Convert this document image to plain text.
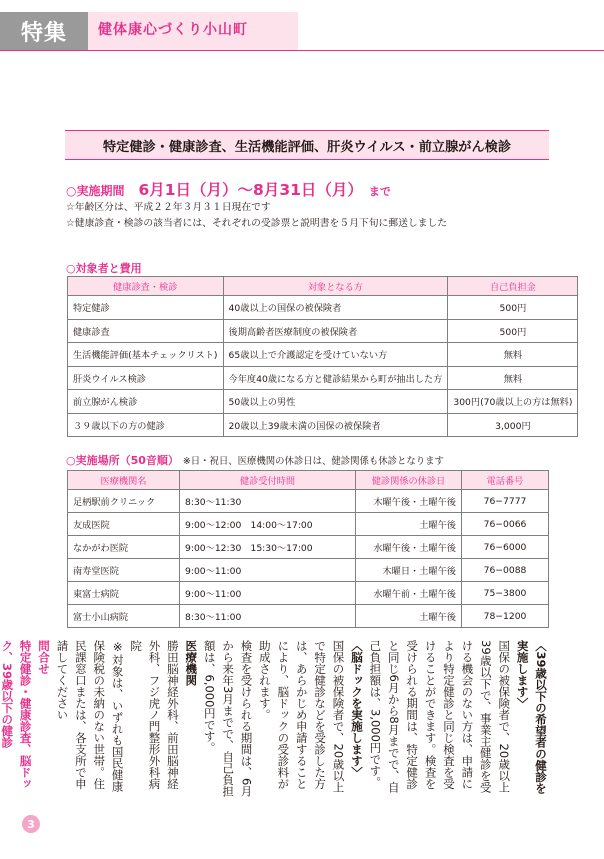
特集	健体康心づくり小山町
特定健診・健康診査、生活機能評価、肝炎ウイルス・前立腺がん検診
○実施期間 6月1日（月）〜8月31日（月） まで
☆年齢区分は、平成２２年３月３１日現在です
☆健康診査・検診の該当者には、それぞれの受診票と説明書を５月下旬に郵送しました
○対象者と費用
健康診査・検診	対象となる方	自己負担金
特定健診	40歳以上の国保の被保険者	500円
健康診査	後期高齢者医療制度の被保険者	500円
生活機能評価(基本チェックリスト)	65歳以上で介護認定を受けていない方	無料
肝炎ウイルス検診	今年度40歳になる方と健診結果から町が抽出した方	無料
前立腺がん検診	50歳以上の男性	300円(70歳以上の方は無料)
３９歳以下の方の健診	20歳以上39歳未満の国保の被保険者	3,000円
○実施場所（50音順） ※日・祝日、医療機関の休診日は、健診関係も休診となります
医療機関名	健診受付時間	健診関係の休診日	電話番号
足柄駅前クリニック	8:30〜11:30	木曜午後・土曜午後	76−7777
友成医院	9:00〜12:00　14:00〜17:00	土曜午後	76−0066
なかがわ医院	9:00〜12:30　15:30〜17:00	水曜午後・土曜午後	76−6000
南寿堂医院	9:00〜11:00	木曜日・土曜午後	76−0088
東富士病院	9:00〜11:00	水曜午前・土曜午後	75−3800
富士小山病院	8:30〜11:00	土曜午後	78−1200
〈39歳以下の希望者の健診を実施します〉
国保の被保険者で、20歳以上39歳以下で、事業主健診を受ける機会のない方は、申請により特定健診と同じ検査を受けることができます。検査を受けられる期間は、特定健診と同じ6月から8月までで、自己負担額は、3,000円です。
〈脳ドックを実施します〉
国保の被保険者で、20歳以上で特定健診などを受診した方は、あらかじめ申請することにより、脳ドックの受診料が助成されます。
検査を受けられる期間は、6月から来年3月までで、自己負担額は、6,000円です。
医療機関
勝田脳神経外科、前田脳神経外科、フジ虎ノ門整形外科病院
※対象は、いずれも国民健康保険税の未納のない世帯。住民課窓口または、各支所で申請してください
問合せ
特定健診・健康診査、脳ドック、39歳以下の健診
3
